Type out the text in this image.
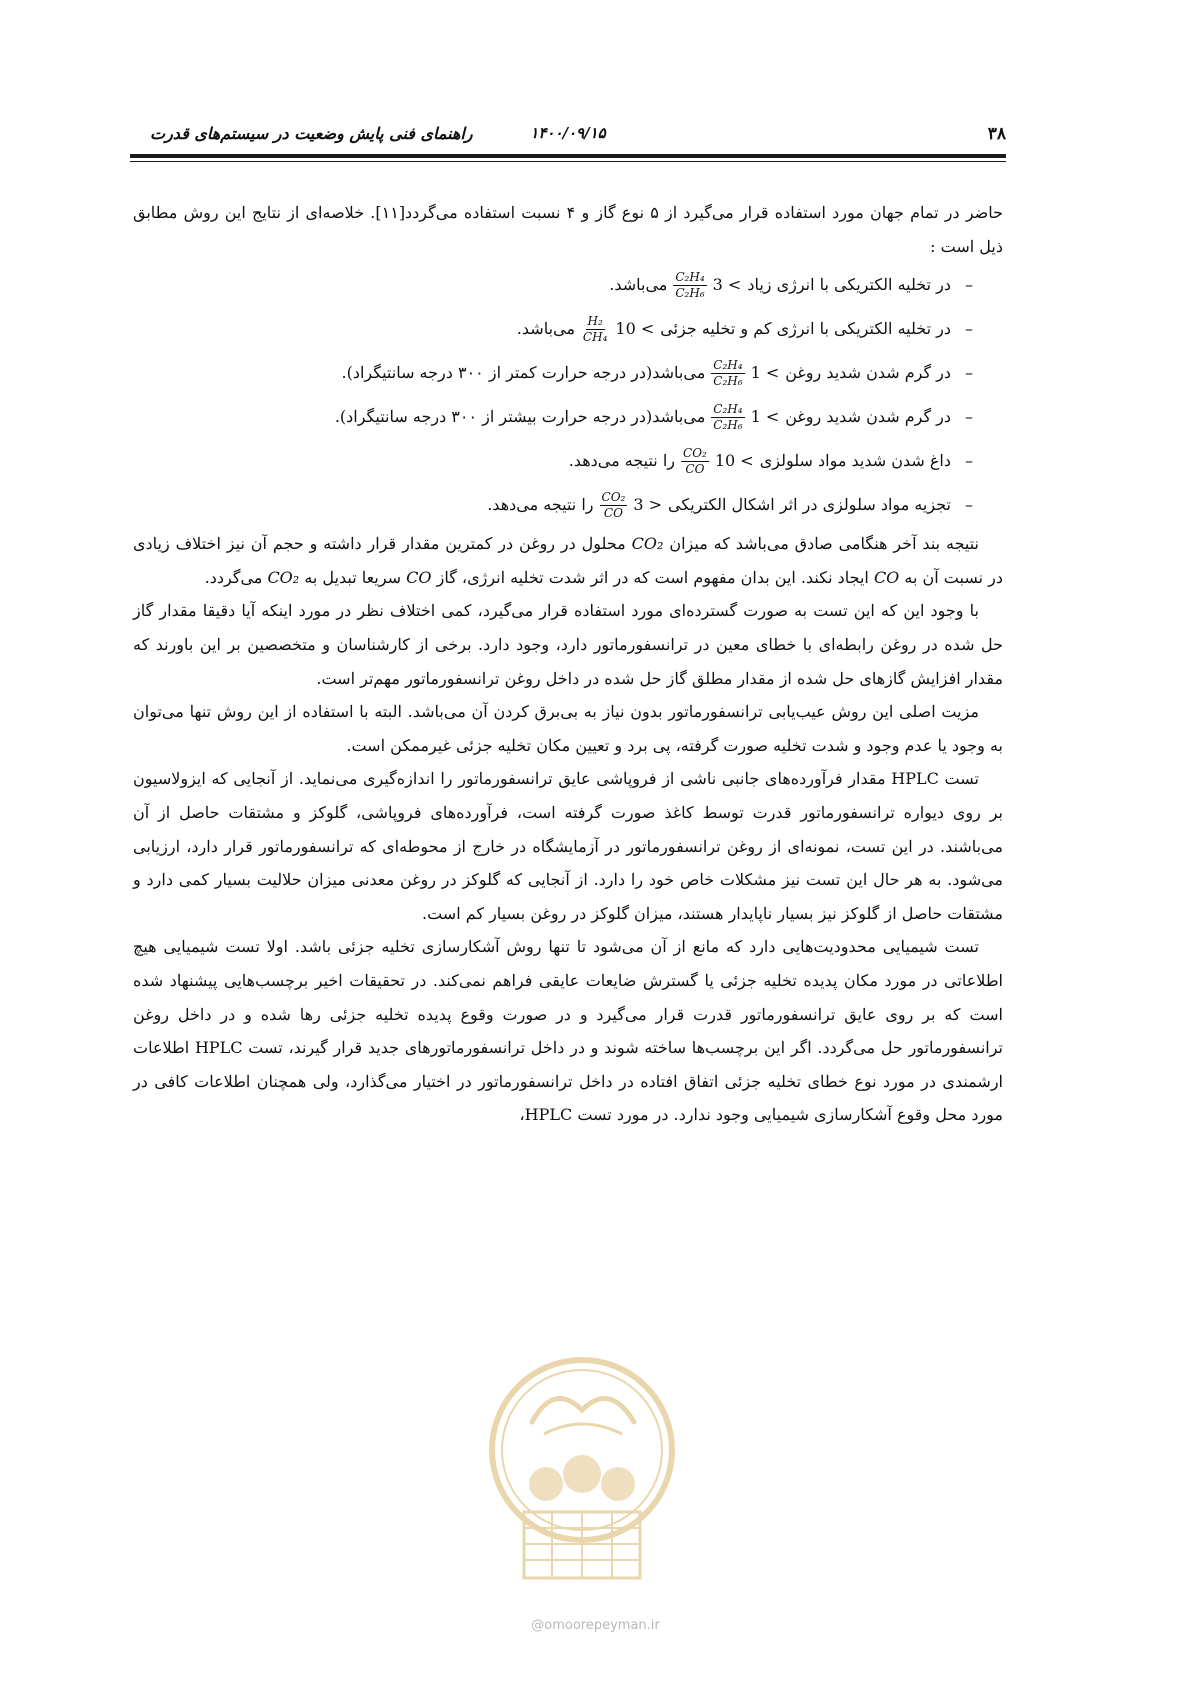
۳۸
۱۴۰۰/۰۹/۱۵
راهنمای فنی پایش وضعیت در سیستم‌های قدرت

حاضر در تمام جهان مورد استفاده قرار می‌گیرد از ۵ نوع گاز و ۴ نسبت استفاده می‌گردد[۱۱]. خلاصه‌ای از نتایج این روش مطابق ذیل است :

–
در تخلیه الکتریکی با انرژی زیاد
3 <
$\frac{\text{C₂H₄}}{\text{C₂H₆}}$
می‌باشد.
–
در تخلیه الکتریکی با انرژی کم و تخلیه جزئی
10 <
$\frac{\text{H₂}}{\text{CH₄}}$
می‌باشد.
–
در گرم شدن شدید روغن
1 <
$\frac{\text{C₂H₄}}{\text{C₂H₆}}$
می‌باشد(در درجه حرارت کمتر از ۳۰۰ درجه سانتیگراد).
–
در گرم شدن شدید روغن
1 <
$\frac{\text{C₂H₄}}{\text{C₂H₆}}$
می‌باشد(در درجه حرارت بیشتر از ۳۰۰ درجه سانتیگراد).
–
داغ شدن شدید مواد سلولزی
10 <
$\frac{\text{CO₂}}{CO}$
را نتیجه می‌دهد.
–
تجزیه مواد سلولزی در اثر اشکال الکتریکی
3 >
$\frac{\text{CO₂}}{CO}$
را نتیجه می‌دهد.

نتیجه بند آخر هنگامی صادق می‌باشد که میزان CO₂ محلول در روغن در کمترین مقدار قرار داشته و حجم آن نیز اختلاف زیادی در نسبت آن به CO ایجاد نکند. این بدان مفهوم است که در اثر شدت تخلیه انرژی، گاز CO سریعا تبدیل به CO₂ می‌گردد.

با وجود این که این تست به صورت گسترده‌ای مورد استفاده قرار می‌گیرد، کمی اختلاف نظر در مورد اینکه آیا دقیقا مقدار گاز حل شده در روغن رابطه‌ای با خطای معین در ترانسفورماتور دارد، وجود دارد. برخی از کارشناسان و متخصصین بر این باورند که مقدار افزایش گازهای حل شده از مقدار مطلق گاز حل شده در داخل روغن ترانسفورماتور مهم‌تر است.

مزیت اصلی این روش عیب‌یابی ترانسفورماتور بدون نیاز به بی‌برق کردن آن می‌باشد. البته با استفاده از این روش تنها می‌توان به وجود یا عدم وجود و شدت تخلیه صورت گرفته، پی برد و تعیین مکان تخلیه جزئی غیرممکن است.

تست HPLC مقدار فرآورده‌های جانبی ناشی از فروپاشی عایق ترانسفورماتور را اندازه‌گیری می‌نماید. از آنجایی که ایزولاسیون بر روی دیواره ترانسفورماتور قدرت توسط کاغذ صورت گرفته است، فرآورده‌های فروپاشی، گلوکز و مشتقات حاصل از آن می‌باشند. در این تست، نمونه‌ای از روغن ترانسفورماتور در آزمایشگاه در خارج از محوطه‌ای که ترانسفورماتور قرار دارد، ارزیابی می‌شود. به هر حال این تست نیز مشکلات خاص خود را دارد. از آنجایی که گلوکز در روغن معدنی میزان حلالیت بسیار کمی دارد و مشتقات حاصل از گلوکز نیز بسیار ناپایدار هستند، میزان گلوکز در روغن بسیار کم است.

تست شیمیایی محدودیت‌هایی دارد که مانع از آن می‌شود تا تنها روش آشکارسازی تخلیه جزئی باشد. اولا تست شیمیایی هیچ اطلاعاتی در مورد مکان پدیده تخلیه جزئی یا گسترش ضایعات عایقی فراهم نمی‌کند. در تحقیقات اخیر برچسب‌هایی پیشنهاد شده است که بر روی عایق ترانسفورماتور قدرت قرار می‌گیرد و در صورت وقوع پدیده تخلیه جزئی رها شده و در داخل روغن ترانسفورماتور حل می‌گردد. اگر این برچسب‌ها ساخته شوند و در داخل ترانسفورماتورهای جدید قرار گیرند، تست HPLC اطلاعات ارشمندی در مورد نوع خطای تخلیه جزئی اتفاق افتاده در داخل ترانسفورماتور در اختیار می‌گذارد، ولی همچنان اطلاعات کافی در مورد محل وقوع آشکارسازی شیمیایی وجود ندارد. در مورد تست HPLC،

@omoorepeyman.ir
